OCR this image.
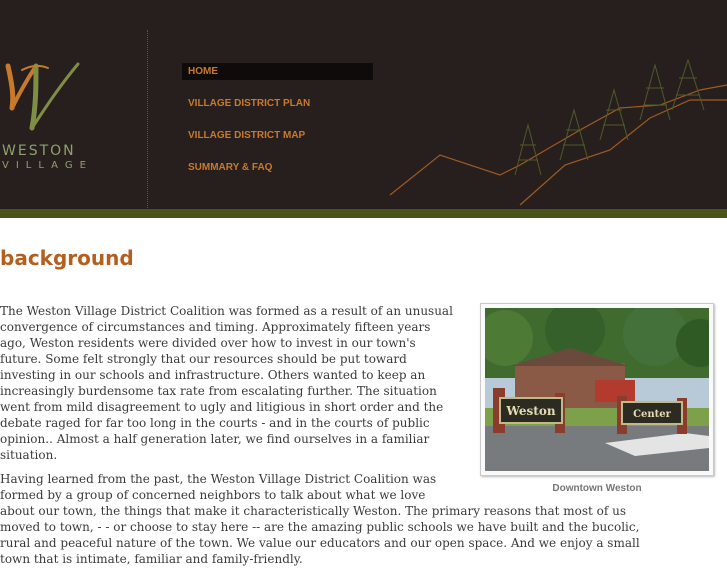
WESTON
VILLAGE
HOME
VILLAGE DISTRICT PLAN
VILLAGE DISTRICT MAP
SUMMARY & FAQ
background
Weston	Center
Downtown Weston

The Weston Village District Coalition was formed as a result of an unusual convergence of circumstances and timing. Approximately fifteen years ago, Weston residents were divided over how to invest in our town's future. Some felt strongly that our resources should be put toward investing in our schools and infrastructure. Others wanted to keep an increasingly burdensome tax rate from escalating further. The situation went from mild disagreement to ugly and litigious in short order and the debate raged for far too long in the courts - and in the courts of public opinion.. Almost a half generation later, we find ourselves in a familiar situation.

Having learned from the past, the Weston Village District Coalition was formed by a group of concerned neighbors to talk about what we love about our town, the things that make it characteristically Weston. The primary reasons that most of us moved to town, - - or choose to stay here -- are the amazing public schools we have built and the bucolic, rural and peaceful nature of the town. We value our educators and our open space. And we enjoy a small town that is intimate, familiar and family-friendly.
